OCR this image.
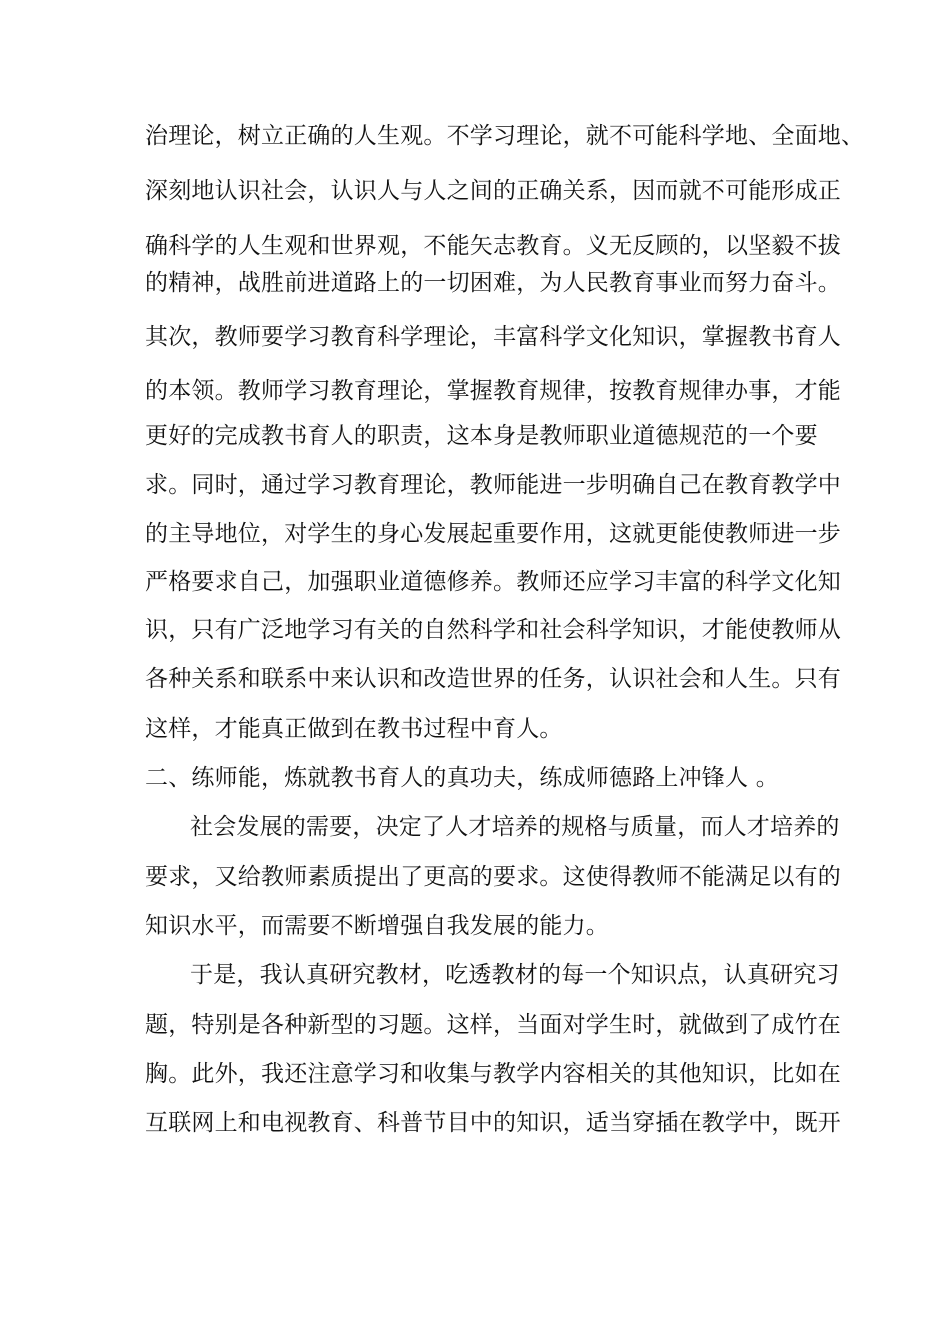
治理论，树立正确的人生观。不学习理论，就不可能科学地、全面地、
深刻地认识社会，认识人与人之间的正确关系，因而就不可能形成正
确科学的人生观和世界观，不能矢志教育。义无反顾的，以坚毅不拔
的精神，战胜前进道路上的一切困难，为人民教育事业而努力奋斗。
其次，教师要学习教育科学理论，丰富科学文化知识，掌握教书育人
的本领。教师学习教育理论，掌握教育规律，按教育规律办事，才能
更好的完成教书育人的职责，这本身是教师职业道德规范的一个要
求。同时，通过学习教育理论，教师能进一步明确自己在教育教学中
的主导地位，对学生的身心发展起重要作用，这就更能使教师进一步
严格要求自己，加强职业道德修养。教师还应学习丰富的科学文化知
识，只有广泛地学习有关的自然科学和社会科学知识，才能使教师从
各种关系和联系中来认识和改造世界的任务，认识社会和人生。只有
这样，才能真正做到在教书过程中育人。
二、练师能，炼就教书育人的真功夫，练成师德路上冲锋人 。
社会发展的需要，决定了人才培养的规格与质量，而人才培养的
要求，又给教师素质提出了更高的要求。这使得教师不能满足以有的
知识水平，而需要不断增强自我发展的能力。
于是，我认真研究教材，吃透教材的每一个知识点，认真研究习
题，特别是各种新型的习题。这样，当面对学生时，就做到了成竹在
胸。此外，我还注意学习和收集与教学内容相关的其他知识，比如在
互联网上和电视教育、科普节目中的知识，适当穿插在教学中，既开
